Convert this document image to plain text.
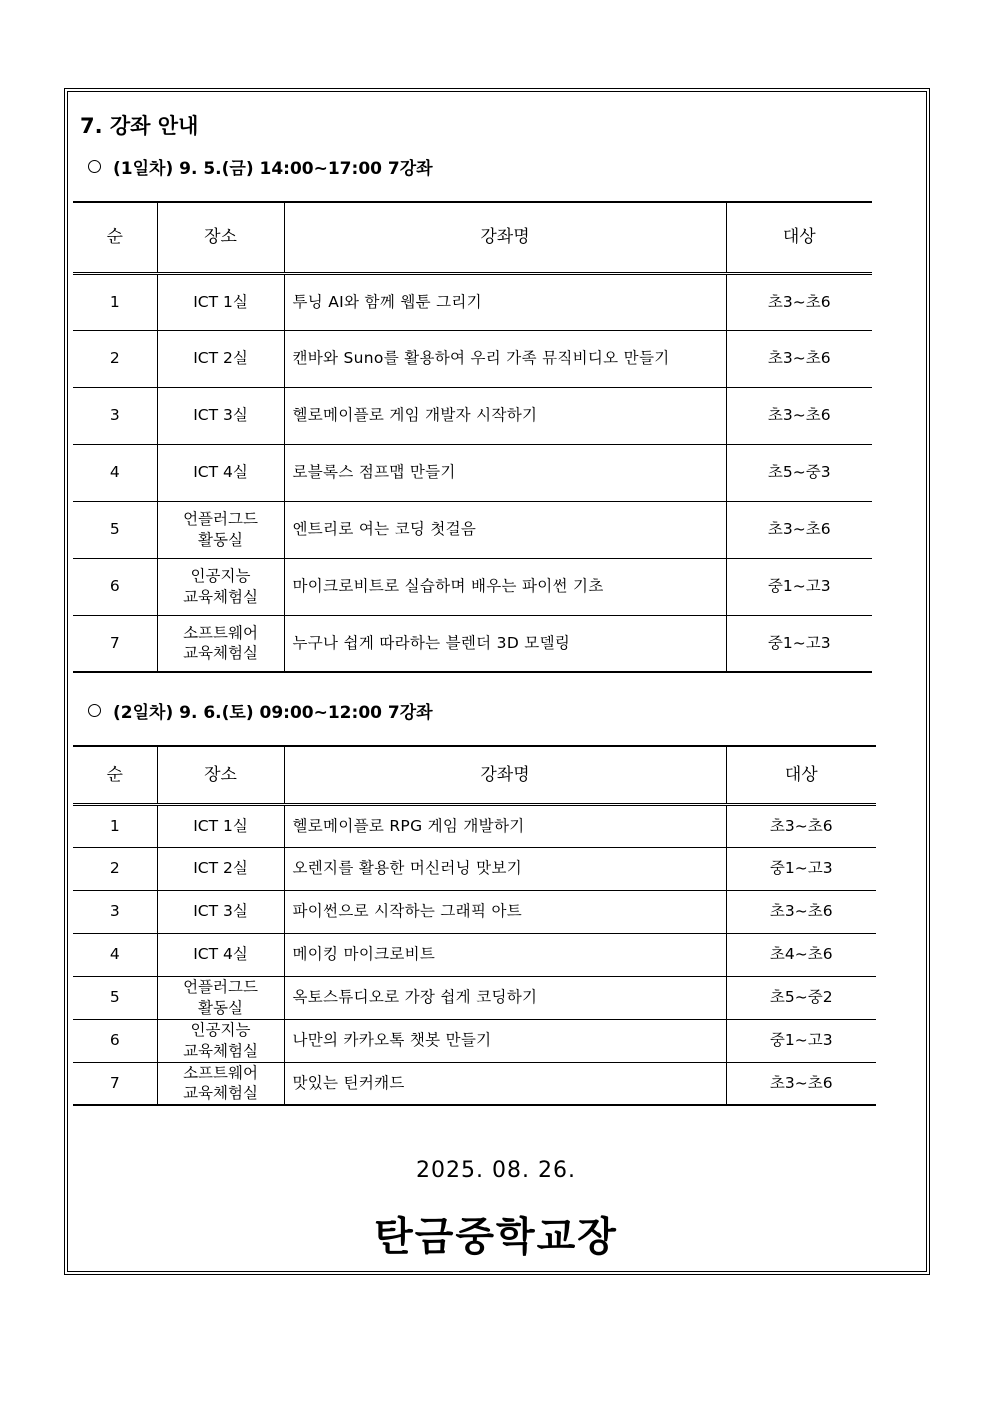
7. 강좌 안내
(1일차) 9. 5.(금) 14:00~17:00 7강좌
순	장소	강좌명	대상
1	ICT 1실	투닝 AI와 함께 웹툰 그리기	초3~초6
2	ICT 2실	캔바와 Suno를 활용하여 우리 가족 뮤직비디오 만들기	초3~초6
3	ICT 3실	헬로메이플로 게임 개발자 시작하기	초3~초6
4	ICT 4실	로블록스 점프맵 만들기	초5~중3
5	언플러그드 활동실	엔트리로 여는 코딩 첫걸음	초3~초6
6	인공지능 교육체험실	마이크로비트로 실습하며 배우는 파이썬 기초	중1~고3
7	소프트웨어 교육체험실	누구나 쉽게 따라하는 블렌더 3D 모델링	중1~고3
(2일차) 9. 6.(토) 09:00~12:00 7강좌
순	장소	강좌명	대상
1	ICT 1실	헬로메이플로 RPG 게임 개발하기	초3~초6
2	ICT 2실	오렌지를 활용한 머신러닝 맛보기	중1~고3
3	ICT 3실	파이썬으로 시작하는 그래픽 아트	초3~초6
4	ICT 4실	메이킹 마이크로비트	초4~초6
5	언플러그드 활동실	옥토스튜디오로 가장 쉽게 코딩하기	초5~중2
6	인공지능 교육체험실	나만의 카카오톡 챗봇 만들기	중1~고3
7	소프트웨어 교육체험실	맛있는 틴커캐드	초3~초6
2025. 08. 26.
탄금중학교장
